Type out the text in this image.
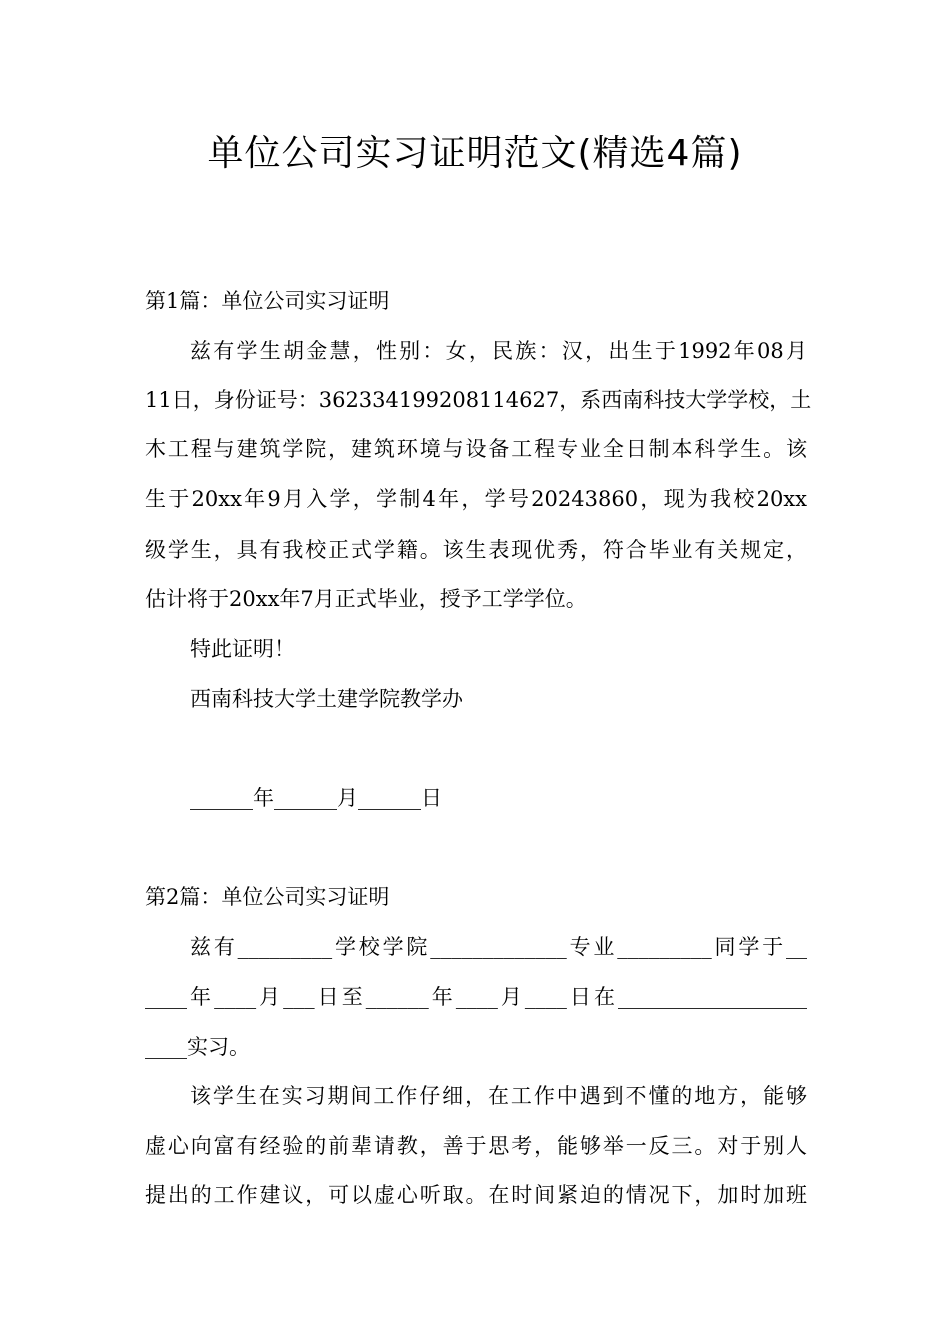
单位公司实习证明范文(精选4篇)

第1篇：单位公司实习证明

兹有学生胡金慧，性别：女，民族：汉，出生于1992年08月

11日，身份证号：362334199208114627，系西南科技大学学校，土

木工程与建筑学院，建筑环境与设备工程专业全日制本科学生。该

生于20xx年9月入学，学制4年，学号20243860，现为我校20xx

级学生，具有我校正式学籍。该生表现优秀，符合毕业有关规定，

估计将于20xx年7月正式毕业，授予工学学位。

特此证明！

西南科技大学土建学院教学办

______年______月______日

第2篇：单位公司实习证明

兹有_________学校学院_____________专业_________同学于__

____年____月___日至______年____月____日在__________________

____实习。

该学生在实习期间工作仔细，在工作中遇到不懂的地方，能够

虚心向富有经验的前辈请教，善于思考，能够举一反三。对于别人

提出的工作建议，可以虚心听取。在时间紧迫的情况下，加时加班
